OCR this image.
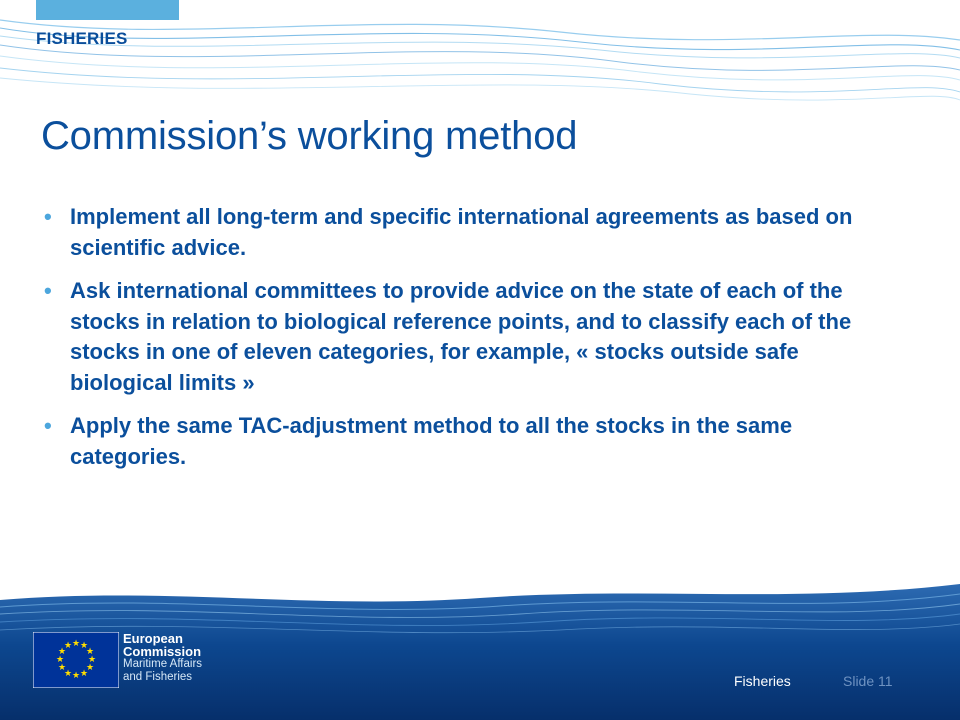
FISHERIES
Commission’s working method
• Implement all long-term and specific international agreements as based on scientific advice.
• Ask international committees to provide advice on the state of each of the stocks in relation to biological reference points, and to classify each of the stocks in one of eleven categories, for example, « stocks outside safe biological limits »
• Apply the same TAC-adjustment method to all the stocks in the same categories.
★ ★
★
★
★
★
★
★
★
★
★
★	European
Commission
Maritime Affairs
and Fisheries	Fisheries	Slide 11
